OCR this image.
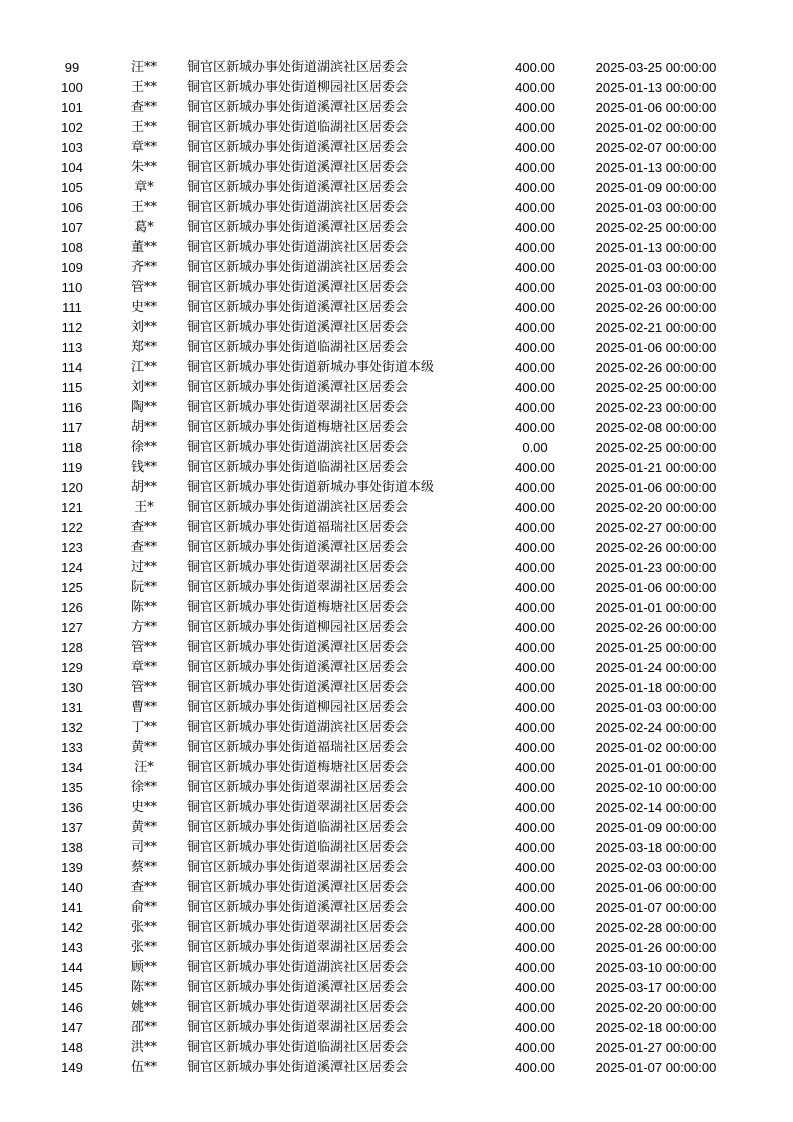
99	汪**	铜官区新城办事处街道湖滨社区居委会	400.00	2025-03-25 00:00:00
100	王**	铜官区新城办事处街道柳园社区居委会	400.00	2025-01-13 00:00:00
101	查**	铜官区新城办事处街道溪潭社区居委会	400.00	2025-01-06 00:00:00
102	王**	铜官区新城办事处街道临湖社区居委会	400.00	2025-01-02 00:00:00
103	章**	铜官区新城办事处街道溪潭社区居委会	400.00	2025-02-07 00:00:00
104	朱**	铜官区新城办事处街道溪潭社区居委会	400.00	2025-01-13 00:00:00
105	章*	铜官区新城办事处街道溪潭社区居委会	400.00	2025-01-09 00:00:00
106	王**	铜官区新城办事处街道湖滨社区居委会	400.00	2025-01-03 00:00:00
107	葛*	铜官区新城办事处街道溪潭社区居委会	400.00	2025-02-25 00:00:00
108	董**	铜官区新城办事处街道湖滨社区居委会	400.00	2025-01-13 00:00:00
109	齐**	铜官区新城办事处街道湖滨社区居委会	400.00	2025-01-03 00:00:00
110	管**	铜官区新城办事处街道溪潭社区居委会	400.00	2025-01-03 00:00:00
111	史**	铜官区新城办事处街道溪潭社区居委会	400.00	2025-02-26 00:00:00
112	刘**	铜官区新城办事处街道溪潭社区居委会	400.00	2025-02-21 00:00:00
113	郑**	铜官区新城办事处街道临湖社区居委会	400.00	2025-01-06 00:00:00
114	江**	铜官区新城办事处街道新城办事处街道本级	400.00	2025-02-26 00:00:00
115	刘**	铜官区新城办事处街道溪潭社区居委会	400.00	2025-02-25 00:00:00
116	陶**	铜官区新城办事处街道翠湖社区居委会	400.00	2025-02-23 00:00:00
117	胡**	铜官区新城办事处街道梅塘社区居委会	400.00	2025-02-08 00:00:00
118	徐**	铜官区新城办事处街道湖滨社区居委会	0.00	2025-02-25 00:00:00
119	钱**	铜官区新城办事处街道临湖社区居委会	400.00	2025-01-21 00:00:00
120	胡**	铜官区新城办事处街道新城办事处街道本级	400.00	2025-01-06 00:00:00
121	王*	铜官区新城办事处街道湖滨社区居委会	400.00	2025-02-20 00:00:00
122	查**	铜官区新城办事处街道福瑞社区居委会	400.00	2025-02-27 00:00:00
123	查**	铜官区新城办事处街道溪潭社区居委会	400.00	2025-02-26 00:00:00
124	过**	铜官区新城办事处街道翠湖社区居委会	400.00	2025-01-23 00:00:00
125	阮**	铜官区新城办事处街道翠湖社区居委会	400.00	2025-01-06 00:00:00
126	陈**	铜官区新城办事处街道梅塘社区居委会	400.00	2025-01-01 00:00:00
127	方**	铜官区新城办事处街道柳园社区居委会	400.00	2025-02-26 00:00:00
128	管**	铜官区新城办事处街道溪潭社区居委会	400.00	2025-01-25 00:00:00
129	章**	铜官区新城办事处街道溪潭社区居委会	400.00	2025-01-24 00:00:00
130	管**	铜官区新城办事处街道溪潭社区居委会	400.00	2025-01-18 00:00:00
131	曹**	铜官区新城办事处街道柳园社区居委会	400.00	2025-01-03 00:00:00
132	丁**	铜官区新城办事处街道湖滨社区居委会	400.00	2025-02-24 00:00:00
133	黄**	铜官区新城办事处街道福瑞社区居委会	400.00	2025-01-02 00:00:00
134	汪*	铜官区新城办事处街道梅塘社区居委会	400.00	2025-01-01 00:00:00
135	徐**	铜官区新城办事处街道翠湖社区居委会	400.00	2025-02-10 00:00:00
136	史**	铜官区新城办事处街道翠湖社区居委会	400.00	2025-02-14 00:00:00
137	黄**	铜官区新城办事处街道临湖社区居委会	400.00	2025-01-09 00:00:00
138	司**	铜官区新城办事处街道临湖社区居委会	400.00	2025-03-18 00:00:00
139	蔡**	铜官区新城办事处街道翠湖社区居委会	400.00	2025-02-03 00:00:00
140	查**	铜官区新城办事处街道溪潭社区居委会	400.00	2025-01-06 00:00:00
141	俞**	铜官区新城办事处街道溪潭社区居委会	400.00	2025-01-07 00:00:00
142	张**	铜官区新城办事处街道翠湖社区居委会	400.00	2025-02-28 00:00:00
143	张**	铜官区新城办事处街道翠湖社区居委会	400.00	2025-01-26 00:00:00
144	顾**	铜官区新城办事处街道湖滨社区居委会	400.00	2025-03-10 00:00:00
145	陈**	铜官区新城办事处街道溪潭社区居委会	400.00	2025-03-17 00:00:00
146	姚**	铜官区新城办事处街道翠湖社区居委会	400.00	2025-02-20 00:00:00
147	邵**	铜官区新城办事处街道翠湖社区居委会	400.00	2025-02-18 00:00:00
148	洪**	铜官区新城办事处街道临湖社区居委会	400.00	2025-01-27 00:00:00
149	伍**	铜官区新城办事处街道溪潭社区居委会	400.00	2025-01-07 00:00:00
